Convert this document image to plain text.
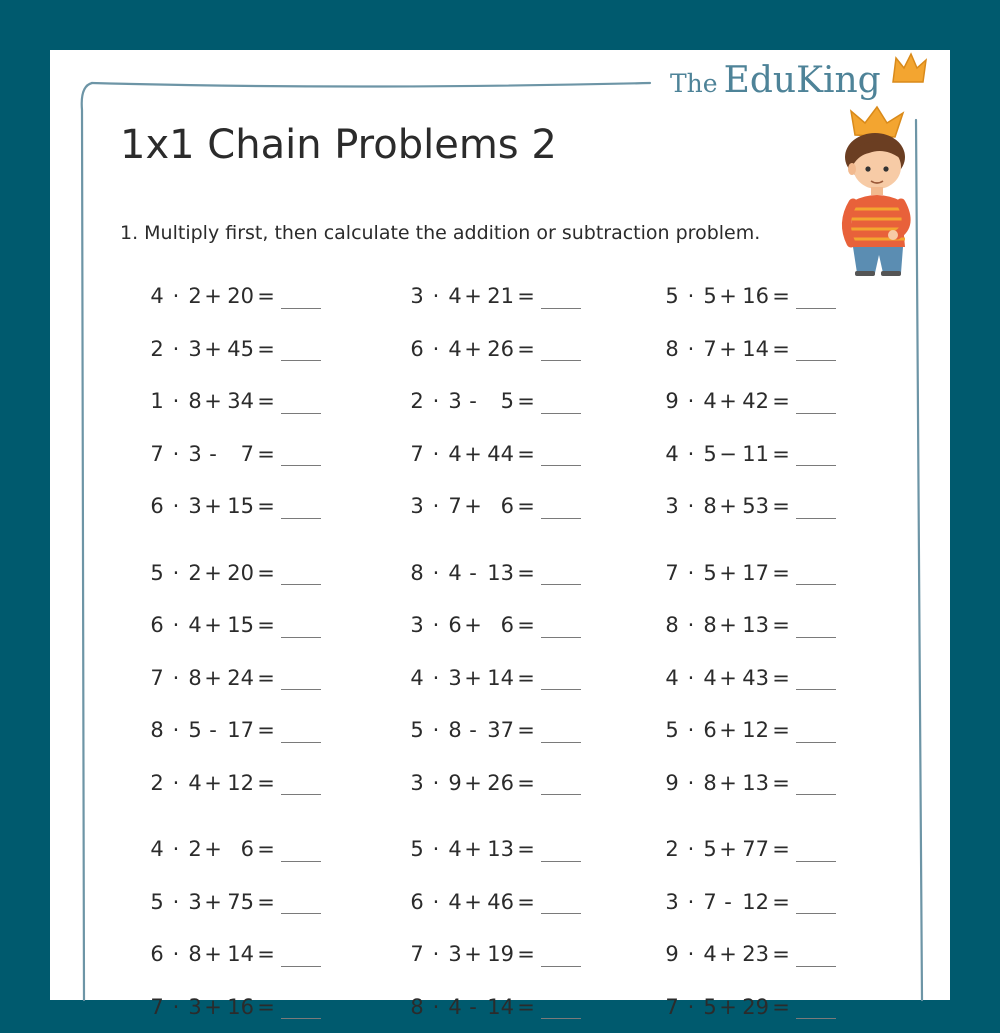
The EduKing
1x1 Chain Problems 2

1. Multiply first, then calculate the addition or subtraction problem.

4 · 2 + 20 =
2 · 3 + 45 =
1 · 8 + 34 =
7 · 3 -	7 =
6 · 3 + 15 =
5 · 2 + 20 =
6 · 4 + 15 =
7 · 8 + 24 =
8 · 5 - 17 =
2 · 4 + 12 =
4 · 2 + 6 =
5 · 3 + 75 =
6 · 8 + 14 =
7 · 3 + 16 =
3 · 4 + 21 =
6 · 4 + 26 =
2 · 3 -	5 =
7 · 4 + 44 =
3 · 7 + 6 =
8 · 4 - 13 =
3 · 6 + 6 =
4 · 3 + 14 =
5 · 8 - 37 =
3 · 9 + 26 =
5 · 4 + 13 =
6 · 4 + 46 =
7 · 3 + 19 =
8 · 4 - 14 =
5 · 5 + 16 =
8 · 7 + 14 =
9 · 4 + 42 =
4 · 5 − 11 =
3 · 8 + 53 =
7 · 5 + 17 =
8 · 8 + 13 =
4 · 4 + 43 =
5 · 6 + 12 =
9 · 8 + 13 =
2 · 5 + 77 =
3 · 7 - 12 =
9 · 4 + 23 =
7 · 5 + 29 =
